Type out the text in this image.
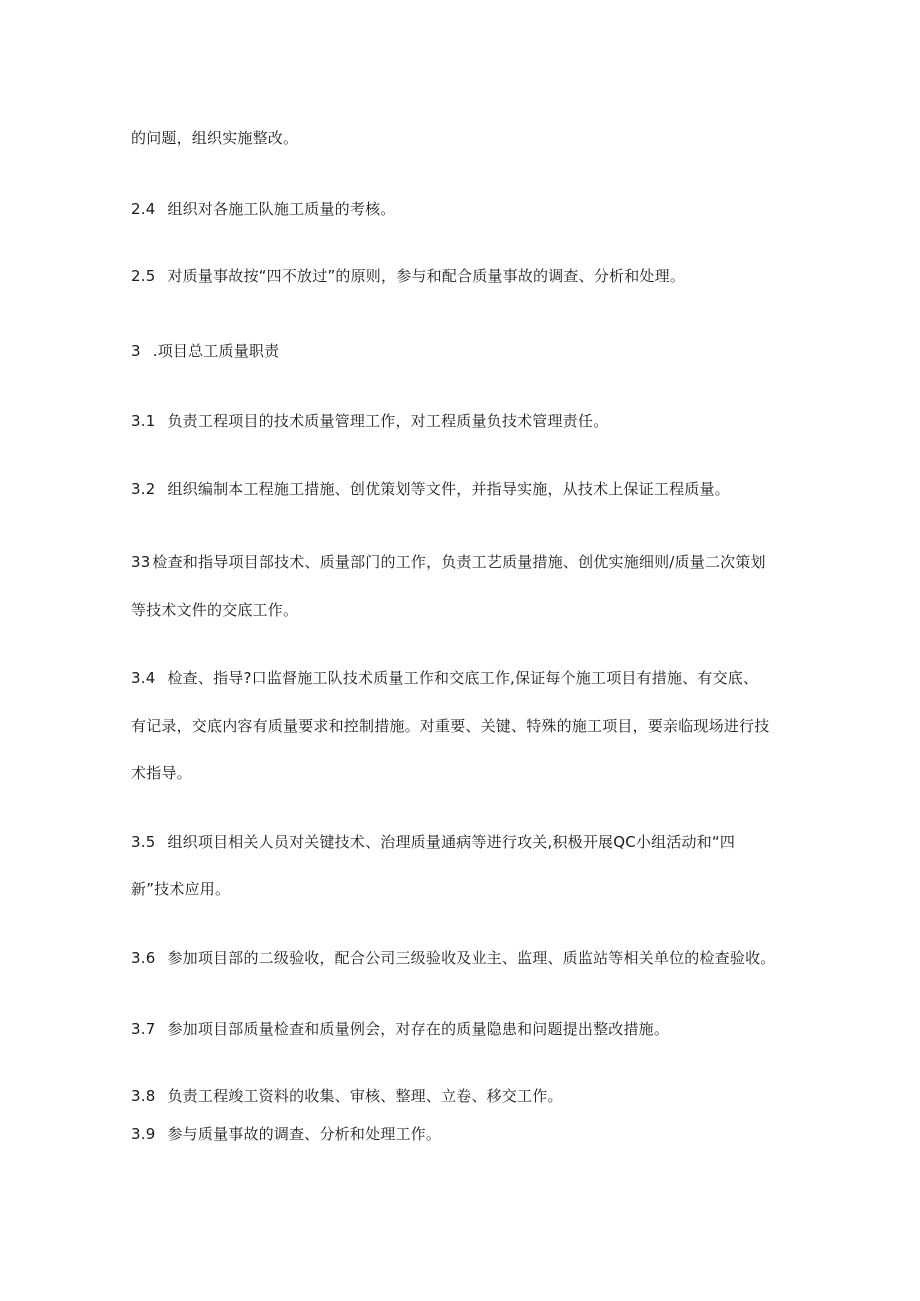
的问题，组织实施整改。
2.4 组织对各施工队施工质量的考核。
2.5 对质量事故按“四不放过”的原则，参与和配合质量事故的调查、分析和处理。
3 .项目总工质量职责
3.1 负责工程项目的技术质量管理工作，对工程质量负技术管理责任。
3.2 组织编制本工程施工措施、创优策划等文件，并指导实施，从技术上保证工程质量。
33 检查和指导项目部技术、质量部门的工作，负责工艺质量措施、创优实施细则/质量二次策划
等技术文件的交底工作。
3.4 检查、指导?口监督施工队技术质量工作和交底工作,保证每个施工项目有措施、有交底、
有记录，交底内容有质量要求和控制措施。对重要、关键、特殊的施工项目，要亲临现场进行技
术指导。
3.5 组织项目相关人员对关键技术、治理质量通病等进行攻关,积极开展QC小组活动和“四
新”技术应用。
3.6 参加项目部的二级验收，配合公司三级验收及业主、监理、质监站等相关单位的检查验收。
3.7 参加项目部质量检查和质量例会，对存在的质量隐患和问题提出整改措施。
3.8 负责工程竣工资料的收集、审核、整理、立卷、移交工作。
3.9 参与质量事故的调查、分析和处理工作。
